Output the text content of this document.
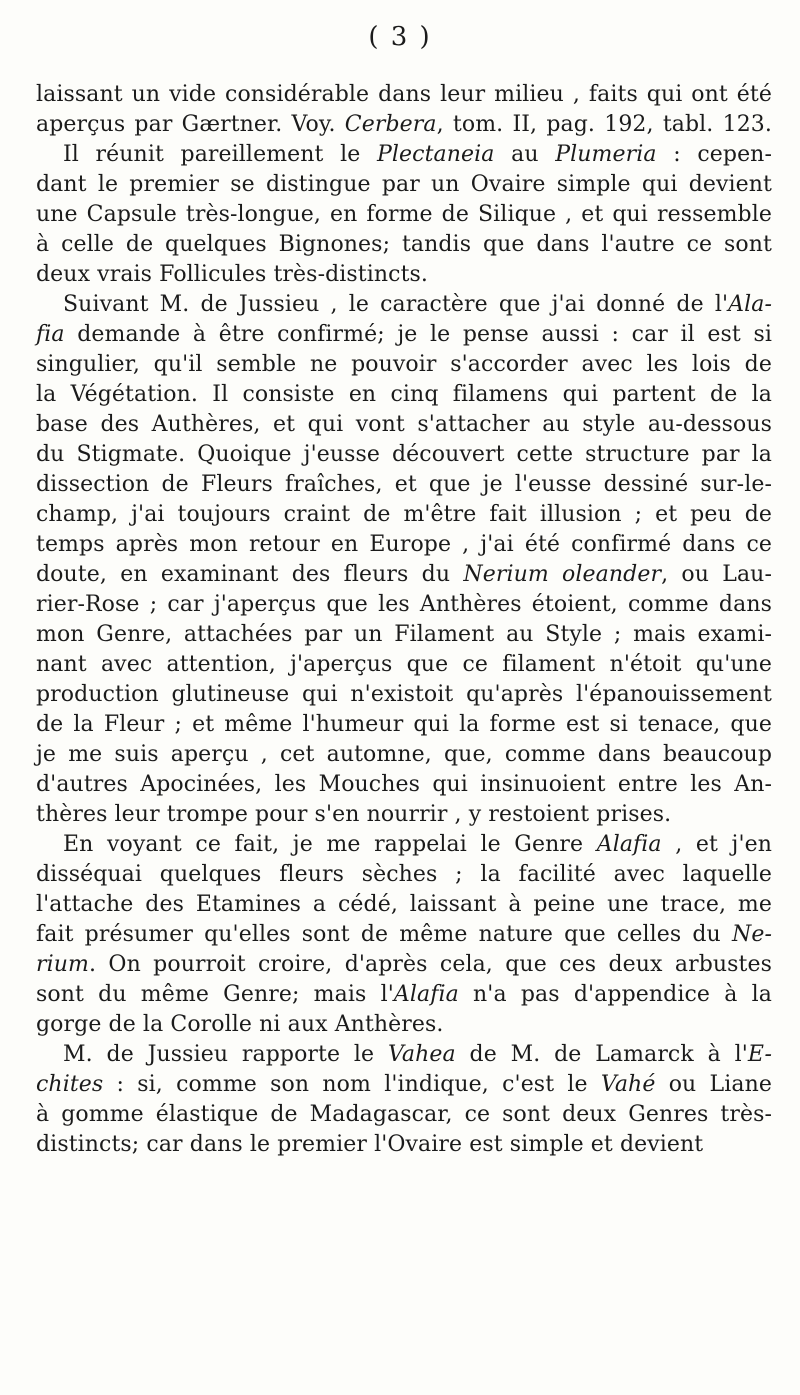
( 3 )
laissant un vide considérable dans leur milieu , faits qui ont été
aperçus par Gærtner. Voy. Cerbera, tom. II, pag. 192, tabl. 123.
Il réunit pareillement le Plectaneia au Plumeria : cepen-
dant le premier se distingue par un Ovaire simple qui devient
une Capsule très-longue, en forme de Silique , et qui ressemble
à celle de quelques Bignones; tandis que dans l'autre ce sont
deux vrais Follicules très-distincts.
Suivant M. de Jussieu , le caractère que j'ai donné de l'Ala-
fia demande à être confirmé; je le pense aussi : car il est si
singulier, qu'il semble ne pouvoir s'accorder avec les lois de
la Végétation. Il consiste en cinq filamens qui partent de la
base des Authères, et qui vont s'attacher au style au-dessous
du Stigmate. Quoique j'eusse découvert cette structure par la
dissection de Fleurs fraîches, et que je l'eusse dessiné sur-le-
champ, j'ai toujours craint de m'être fait illusion ; et peu de
temps après mon retour en Europe , j'ai été confirmé dans ce
doute, en examinant des fleurs du Nerium oleander, ou Lau-
rier-Rose ; car j'aperçus que les Anthères étoient, comme dans
mon Genre, attachées par un Filament au Style ; mais exami-
nant avec attention, j'aperçus que ce filament n'étoit qu'une
production glutineuse qui n'existoit qu'après l'épanouissement
de la Fleur ; et même l'humeur qui la forme est si tenace, que
je me suis aperçu , cet automne, que, comme dans beaucoup
d'autres Apocinées, les Mouches qui insinuoient entre les An-
thères leur trompe pour s'en nourrir , y restoient prises.
En voyant ce fait, je me rappelai le Genre Alafia , et j'en
disséquai quelques fleurs sèches ; la facilité avec laquelle
l'attache des Etamines a cédé, laissant à peine une trace, me
fait présumer qu'elles sont de même nature que celles du Ne-
rium. On pourroit croire, d'après cela, que ces deux arbustes
sont du même Genre; mais l'Alafia n'a pas d'appendice à la
gorge de la Corolle ni aux Anthères.
M. de Jussieu rapporte le Vahea de M. de Lamarck à l'E-
chites : si, comme son nom l'indique, c'est le Vahé ou Liane
à gomme élastique de Madagascar, ce sont deux Genres très-
distincts; car dans le premier l'Ovaire est simple et devient
